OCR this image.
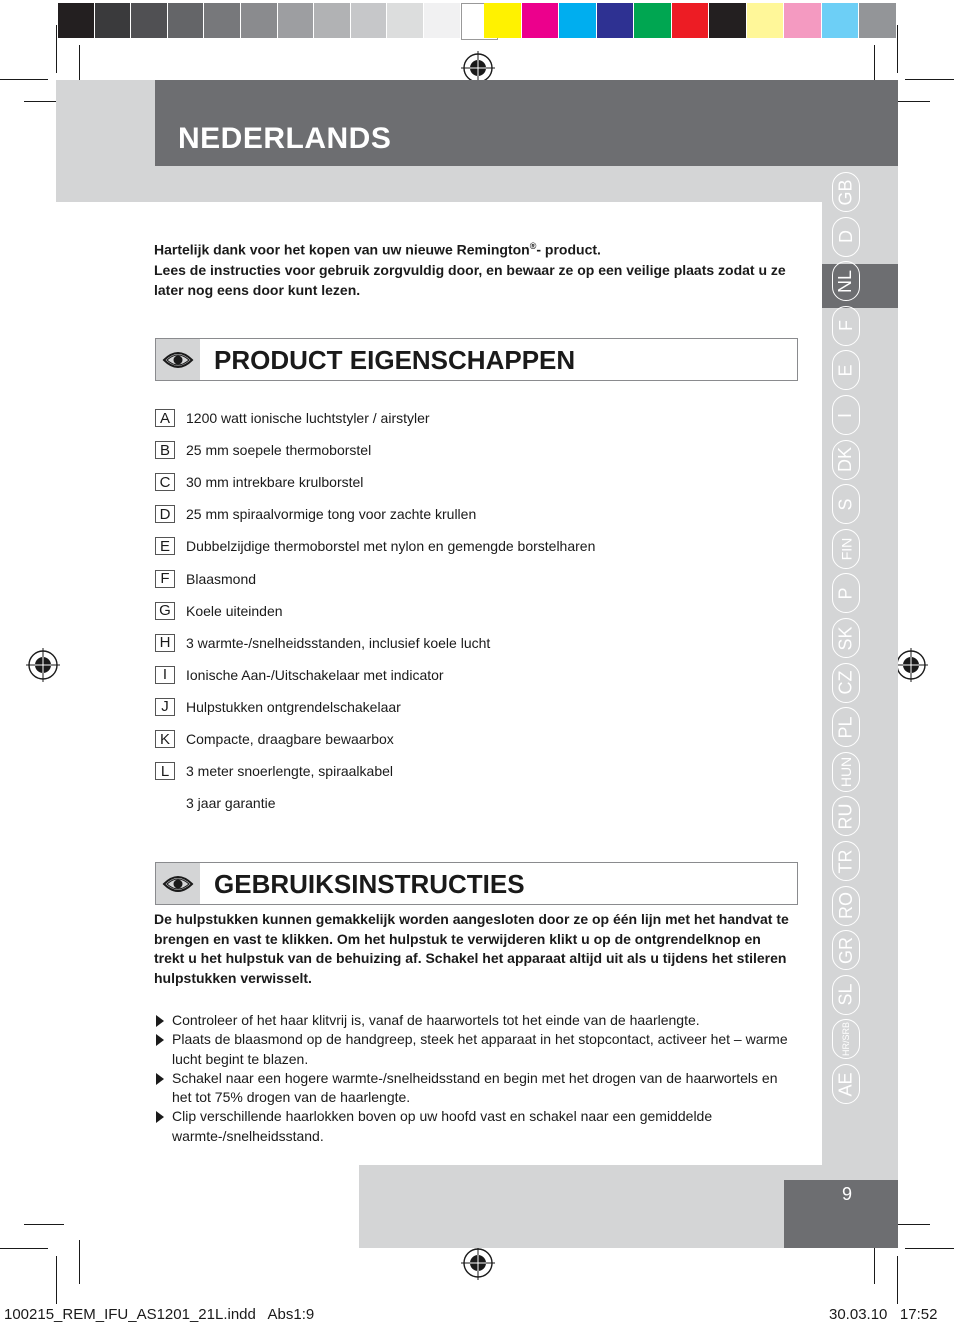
NEDERLANDS
GB
D
NL
F
E
I
DK
S
FIN
P
SK
CZ
PL
HUN
RU
TR
RO
GR
SL
HR/SRB
AE

Hartelijk dank voor het kopen van uw nieuwe Remington®- product.

Lees de instructies voor gebruik zorgvuldig door, en bewaar ze op een veilige plaats zodat u ze later nog eens door kunt lezen.

PRODUCT EIGENSCHAPPEN
A	1200 watt ionische luchtstyler / airstyler
B	25 mm soepele thermoborstel
C	30 mm intrekbare krulborstel
D	25 mm spiraalvormige tong voor zachte krullen
E	Dubbelzijdige thermoborstel met nylon en gemengde borstelharen
F	Blaasmond
G Koele uiteinden
H	3 warmte-/snelheidsstanden, inclusief koele lucht
I	Ionische Aan-/Uitschakelaar met indicator
J	Hulpstukken ontgrendelschakelaar
K	Compacte, draagbare bewaarbox
L	3 meter snoerlengte, spiraalkabel
3 jaar garantie
GEBRUIKSINSTRUCTIES
De hulpstukken kunnen gemakkelijk worden aangesloten door ze op één lijn met het handvat te brengen en vast te klikken. Om het hulpstuk te verwijderen klikt u op de ontgrendelknop en trekt u het hulpstuk van de behuizing af. Schakel het apparaat altijd uit als u tijdens het stileren hulpstukken verwisselt.
Controleer of het haar klitvrij is, vanaf de haarwortels tot het einde van de haarlengte.
Plaats de blaasmond op de handgreep, steek het apparaat in het stopcontact, activeer het – warme lucht begint te blazen.
Schakel naar een hogere warmte-/snelheidsstand en begin met het drogen van de haarwortels en het tot 75% drogen van de haarlengte.
Clip verschillende haarlokken boven op uw hoofd vast en schakel naar een gemiddelde warmte-/snelheidsstand.
9
100215_REM_IFU_AS1201_21L.indd   Abs1:9	30.03.10   17:52
